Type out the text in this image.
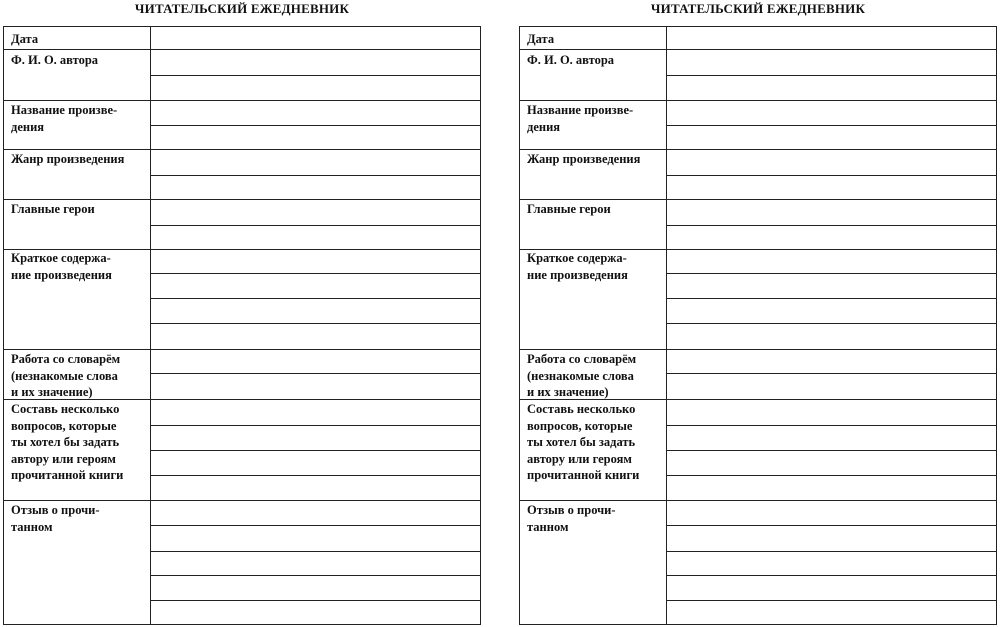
ЧИТАТЕЛЬСКИЙ ЕЖЕДНЕВНИК
Дата
Ф. И. О. автора
Название произве-
дения
Жанр произведения
Главные герои
Краткое содержа-
ние произведения
Работа со словарём
(незнакомые слова
и их значение)
Составь несколько
вопросов, которые
ты хотел бы задать
автору или героям
прочитанной книги
Отзыв о прочи-
танном
ЧИТАТЕЛЬСКИЙ ЕЖЕДНЕВНИК
Дата
Ф. И. О. автора
Название произве-
дения
Жанр произведения
Главные герои
Краткое содержа-
ние произведения
Работа со словарём
(незнакомые слова
и их значение)
Составь несколько
вопросов, которые
ты хотел бы задать
автору или героям
прочитанной книги
Отзыв о прочи-
танном
